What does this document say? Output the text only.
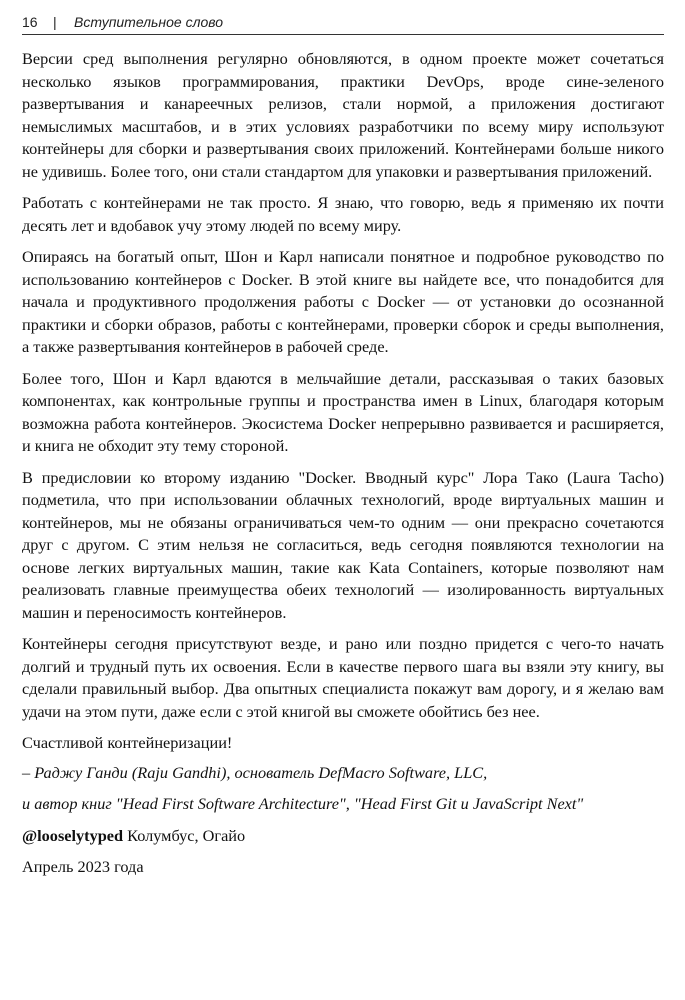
16 | Вступительное слово

Версии сред выполнения регулярно обновляются, в одном проекте может сочетаться несколько языков программирования, практики DevOps, вроде сине-зеленого развертывания и канареечных релизов, стали нормой, а приложения достигают немыслимых масштабов, и в этих условиях разработчики по всему миру используют контейнеры для сборки и развертывания своих приложений. Контейнерами больше никого не удивишь. Более того, они стали стандартом для упаковки и развертывания приложений.

Работать с контейнерами не так просто. Я знаю, что говорю, ведь я применяю их почти десять лет и вдобавок учу этому людей по всему миру.

Опираясь на богатый опыт, Шон и Карл написали понятное и подробное руководство по использованию контейнеров с Docker. В этой книге вы найдете все, что понадобится для начала и продуктивного продолжения работы с Docker — от установки до осознанной практики и сборки образов, работы с контейнерами, проверки сборок и среды выполнения, а также развертывания контейнеров в рабочей среде.

Более того, Шон и Карл вдаются в мельчайшие детали, рассказывая о таких базовых компонентах, как контрольные группы и пространства имен в Linux, благодаря которым возможна работа контейнеров. Экосистема Docker непрерывно развивается и расширяется, и книга не обходит эту тему стороной.

В предисловии ко второму изданию "Docker. Вводный курс" Лора Тако (Laura Tacho) подметила, что при использовании облачных технологий, вроде виртуальных машин и контейнеров, мы не обязаны ограничиваться чем-то одним — они прекрасно сочетаются друг с другом. С этим нельзя не согласиться, ведь сегодня появляются технологии на основе легких виртуальных машин, такие как Kata Containers, которые позволяют нам реализовать главные преимущества обеих технологий — изолированность виртуальных машин и переносимость контейнеров.

Контейнеры сегодня присутствуют везде, и рано или поздно придется с чего-то начать долгий и трудный путь их освоения. Если в качестве первого шага вы взяли эту книгу, вы сделали правильный выбор. Два опытных специалиста покажут вам дорогу, и я желаю вам удачи на этом пути, даже если с этой книгой вы сможете обойтись без нее.

Счастливой контейнеризации!

– Раджу Ганди (Raju Gandhi), основатель DefMacro Software, LLC,

и автор книг "Head First Software Architecture", "Head First Git и JavaScript Next"

@looselytyped Колумбус, Огайо

Апрель 2023 года
